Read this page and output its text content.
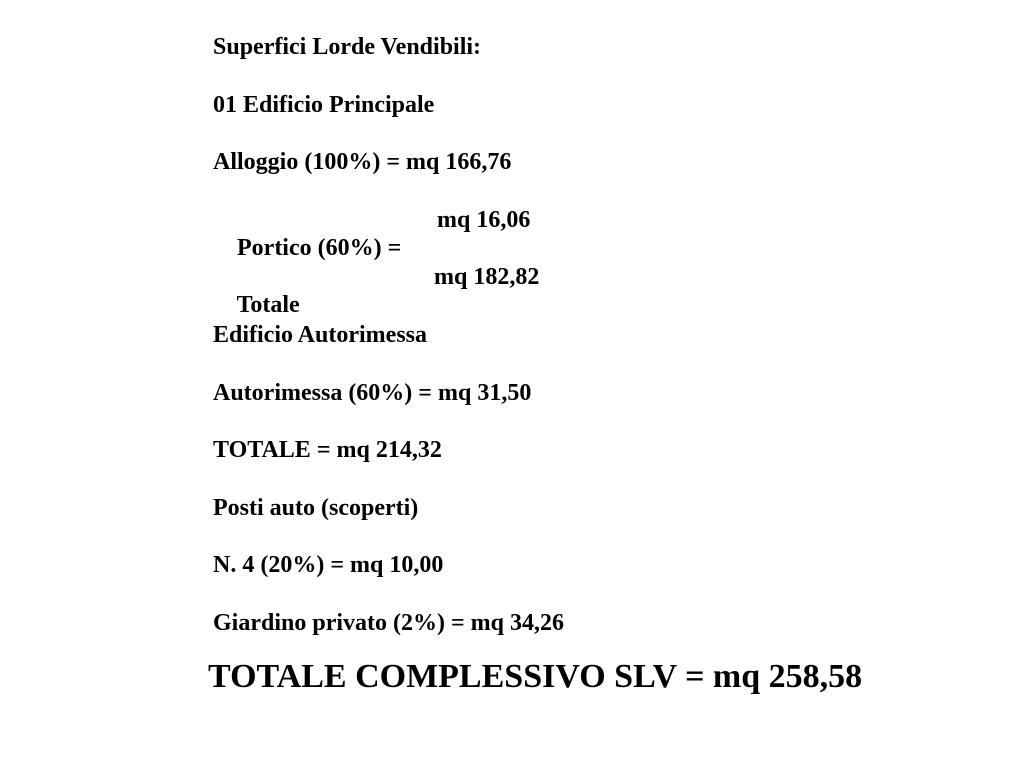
Superfici Lorde Vendibili:
01 Edificio Principale
Alloggio (100%) = mq 166,76

Portico (60%) =

mq 16,06

Totale

mq 182,82
Edificio Autorimessa
Autorimessa (60%) = mq 31,50
TOTALE = mq 214,32
Posti auto (scoperti)
N. 4 (20%) = mq 10,00
Giardino privato (2%) = mq 34,26
TOTALE COMPLESSIVO SLV = mq 258,58
